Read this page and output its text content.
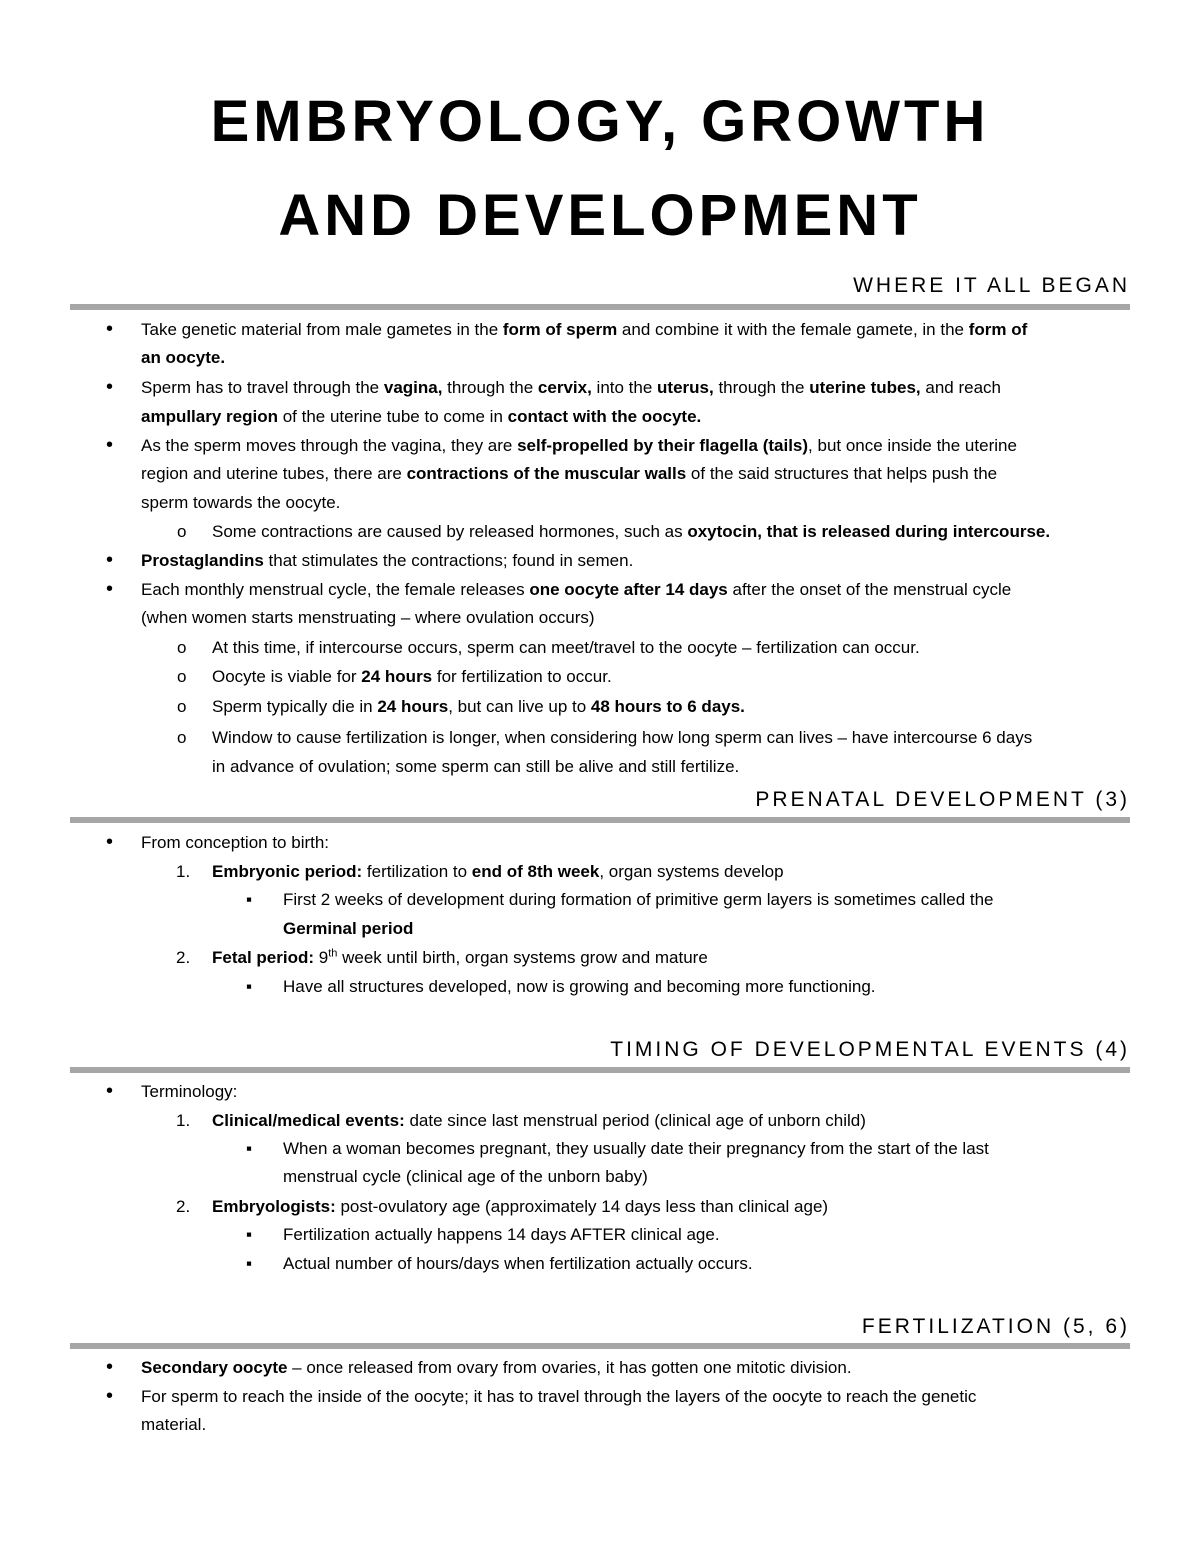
EMBRYOLOGY, GROWTH
AND DEVELOPMENT
WHERE IT ALL BEGAN
• Take genetic material from male gametes in the form of sperm and combine it with the female gamete, in the form of
an oocyte.
• Sperm has to travel through the vagina, through the cervix, into the uterus, through the uterine tubes, and reach
ampullary region of the uterine tube to come in contact with the oocyte.
• As the sperm moves through the vagina, they are self-propelled by their flagella (tails), but once inside the uterine
region and uterine tubes, there are contractions of the muscular walls of the said structures that helps push the
sperm towards the oocyte.
o Some contractions are caused by released hormones, such as oxytocin, that is released during intercourse.
• Prostaglandins that stimulates the contractions; found in semen.
• Each monthly menstrual cycle, the female releases one oocyte after 14 days after the onset of the menstrual cycle
(when women starts menstruating – where ovulation occurs)
o At this time, if intercourse occurs, sperm can meet/travel to the oocyte – fertilization can occur.
o Oocyte is viable for 24 hours for fertilization to occur.
o Sperm typically die in 24 hours, but can live up to 48 hours to 6 days.
o Window to cause fertilization is longer, when considering how long sperm can lives – have intercourse 6 days
in advance of ovulation; some sperm can still be alive and still fertilize.
PRENATAL DEVELOPMENT (3)
• From conception to birth:
1. Embryonic period: fertilization to end of 8th week, organ systems develop
▪ First 2 weeks of development during formation of primitive germ layers is sometimes called the
Germinal period
2. Fetal period: 9th week until birth, organ systems grow and mature
▪ Have all structures developed, now is growing and becoming more functioning.
TIMING OF DEVELOPMENTAL EVENTS (4)
• Terminology:
1. Clinical/medical events: date since last menstrual period (clinical age of unborn child)
▪ When a woman becomes pregnant, they usually date their pregnancy from the start of the last
menstrual cycle (clinical age of the unborn baby)
2. Embryologists: post-ovulatory age (approximately 14 days less than clinical age)
▪ Fertilization actually happens 14 days AFTER clinical age.
▪ Actual number of hours/days when fertilization actually occurs.
FERTILIZATION (5, 6)
• Secondary oocyte – once released from ovary from ovaries, it has gotten one mitotic division.
• For sperm to reach the inside of the oocyte; it has to travel through the layers of the oocyte to reach the genetic
material.
